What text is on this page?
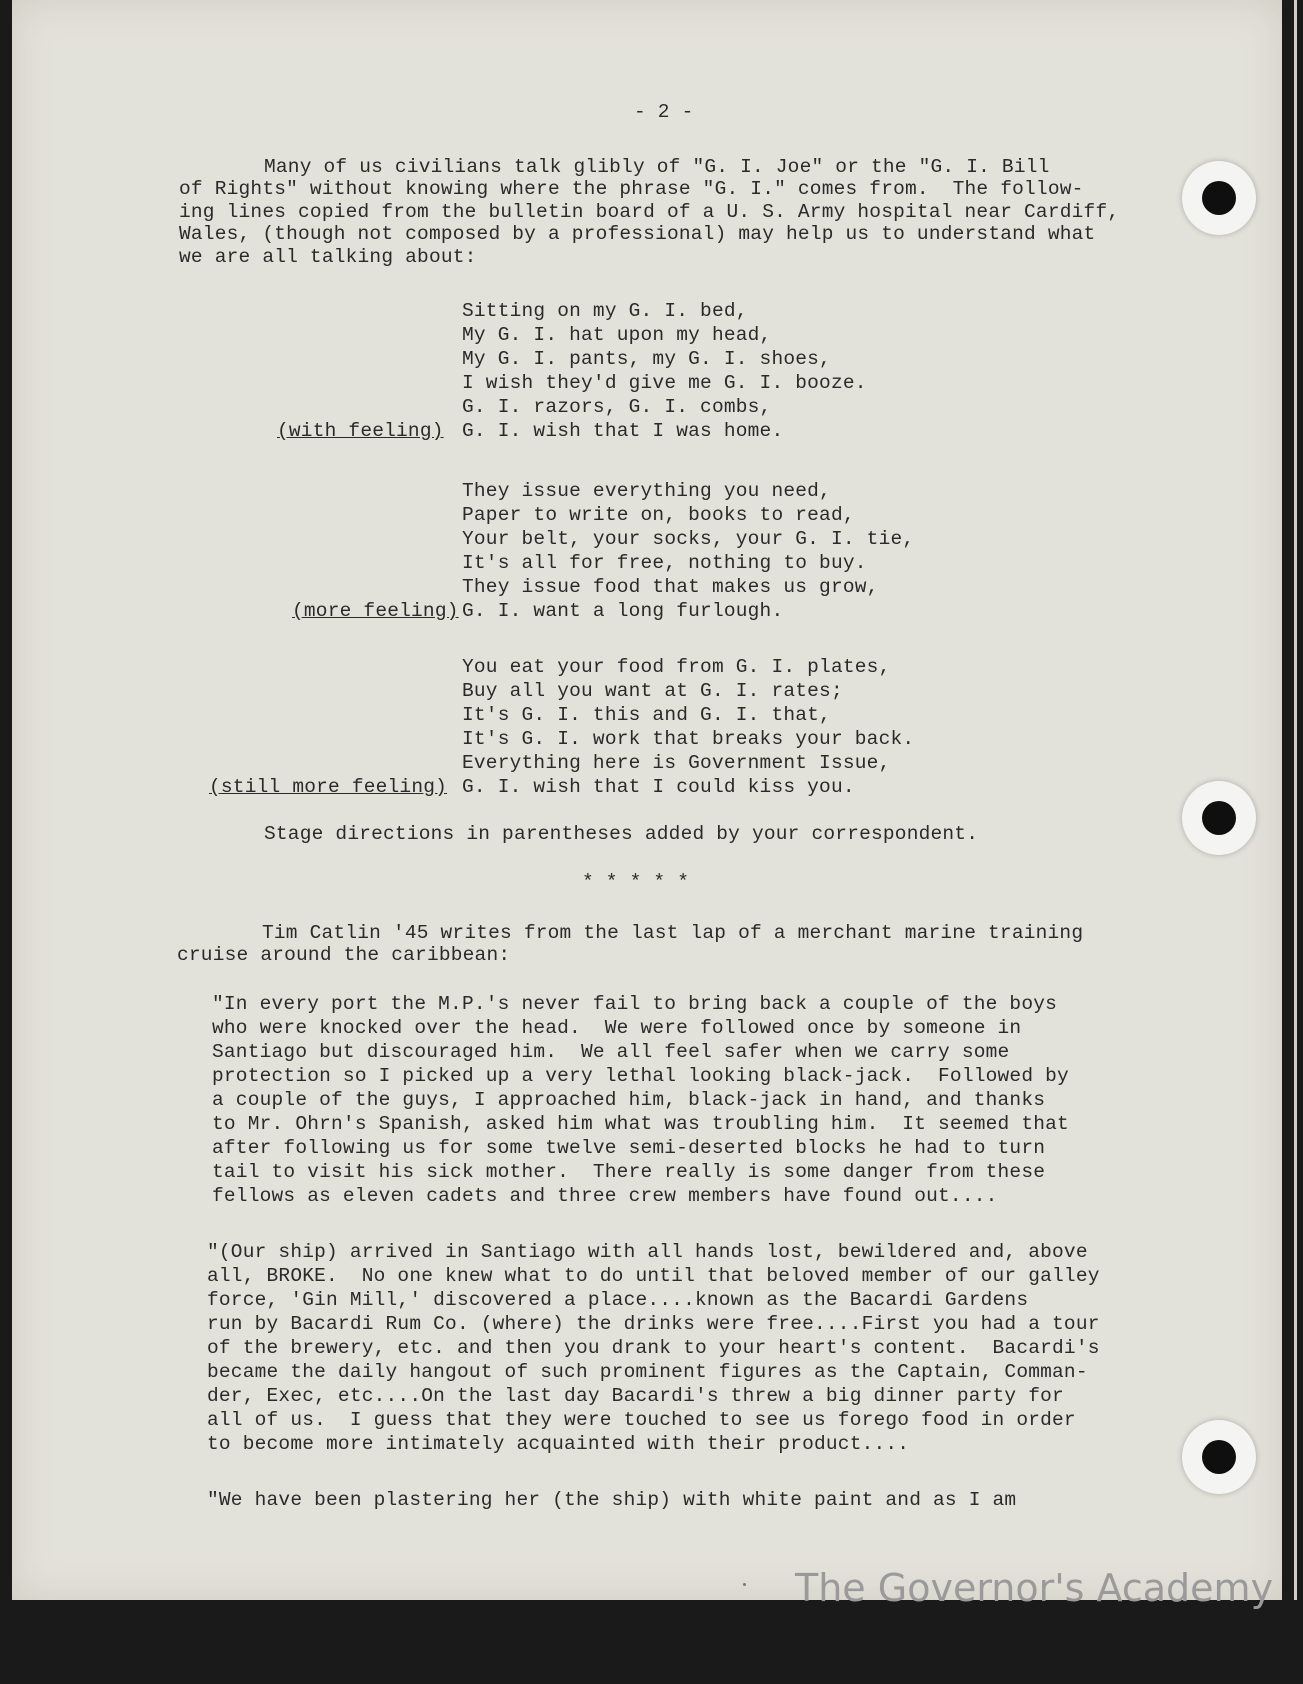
- 2 -
Many of us civilians talk glibly of "G. I. Joe" or the "G. I. Bill
of Rights" without knowing where the phrase "G. I." comes from.  The follow-
ing lines copied from the bulletin board of a U. S. Army hospital near Cardiff,
Wales, (though not composed by a professional) may help us to understand what
we are all talking about:
Sitting on my G. I. bed,
My G. I. hat upon my head,
My G. I. pants, my G. I. shoes,
I wish they'd give me G. I. booze.
G. I. razors, G. I. combs,
(with feeling) G. I. wish that I was home.
They issue everything you need,
Paper to write on, books to read,
Your belt, your socks, your G. I. tie,
It's all for free, nothing to buy.
They issue food that makes us grow,
(more feeling) G. I. want a long furlough.
You eat your food from G. I. plates,
Buy all you want at G. I. rates;
It's G. I. this and G. I. that,
It's G. I. work that breaks your back.
Everything here is Government Issue,
(still more feeling) G. I. wish that I could kiss you.
Stage directions in parentheses added by your correspondent.
* * * * *
Tim Catlin '45 writes from the last lap of a merchant marine training
cruise around the caribbean:
"In every port the M.P.'s never fail to bring back a couple of the boys
who were knocked over the head.  We were followed once by someone in
Santiago but discouraged him.  We all feel safer when we carry some
protection so I picked up a very lethal looking black-jack.  Followed by
a couple of the guys, I approached him, black-jack in hand, and thanks
to Mr. Ohrn's Spanish, asked him what was troubling him.  It seemed that
after following us for some twelve semi-deserted blocks he had to turn
tail to visit his sick mother.  There really is some danger from these
fellows as eleven cadets and three crew members have found out....
"(Our ship) arrived in Santiago with all hands lost, bewildered and, above
all, BROKE.  No one knew what to do until that beloved member of our galley
force, 'Gin Mill,' discovered a place....known as the Bacardi Gardens
run by Bacardi Rum Co. (where) the drinks were free....First you had a tour
of the brewery, etc. and then you drank to your heart's content.  Bacardi's
became the daily hangout of such prominent figures as the Captain, Comman-
der, Exec, etc....On the last day Bacardi's threw a big dinner party for
all of us.  I guess that they were touched to see us forego food in order
to become more intimately acquainted with their product....
"We have been plastering her (the ship) with white paint and as I am
The Governor's Academy
